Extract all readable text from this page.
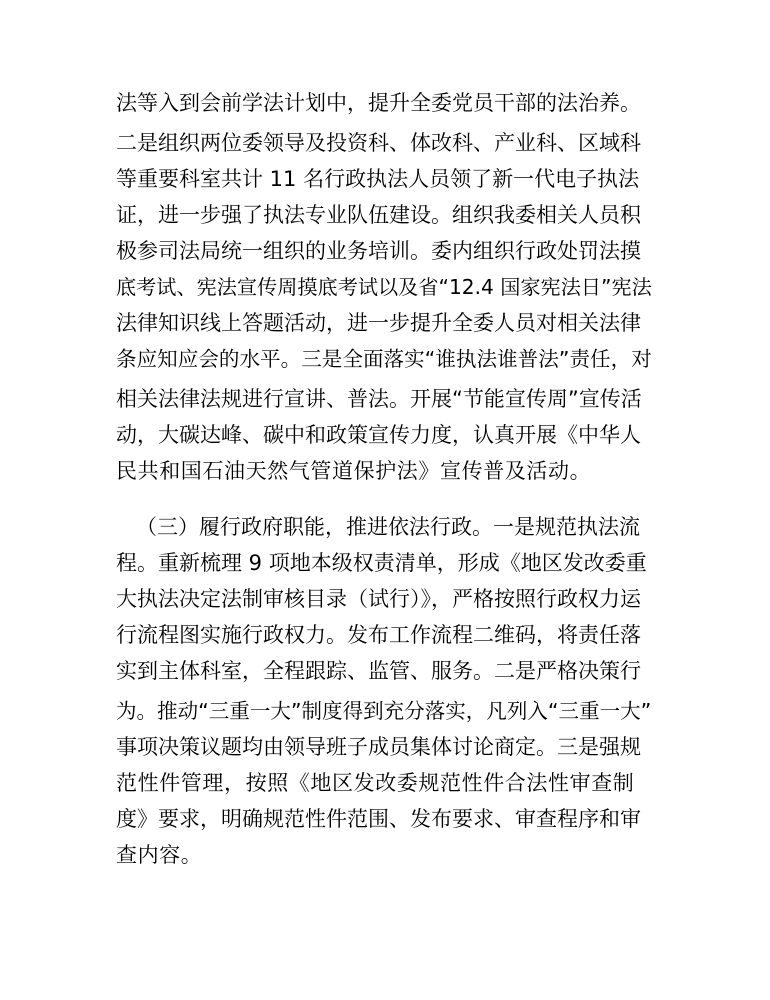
法等入到会前学法计划中，提升全委党员干部的法治养。

二是组织两位委领导及投资科、体改科、产业科、区域科

等重要科室共计 11 名行政执法人员领了新一代电子执法

证，进一步强了执法专业队伍建设。组织我委相关人员积

极参司法局统一组织的业务培训。委内组织行政处罚法摸

底考试、宪法宣传周摸底考试以及省“12.4 国家宪法日”宪法

法律知识线上答题活动，进一步提升全委人员对相关法律

条应知应会的水平。三是全面落实“谁执法谁普法”责任，对

相关法律法规进行宣讲、普法。开展“节能宣传周”宣传活

动，大碳达峰、碳中和政策宣传力度，认真开展《中华人

民共和国石油天然气管道保护法》宣传普及活动。

（三）履行政府职能，推进依法行政。一是规范执法流

程。重新梳理 9 项地本级权责清单，形成《地区发改委重

大执法决定法制审核目录（试行）》，严格按照行政权力运

行流程图实施行政权力。发布工作流程二维码，将责任落

实到主体科室，全程跟踪、监管、服务。二是严格决策行

为。推动“三重一大”制度得到充分落实，凡列入“三重一大”

事项决策议题均由领导班子成员集体讨论商定。三是强规

范性件管理，按照《地区发改委规范性件合法性审查制

度》要求，明确规范性件范围、发布要求、审查程序和审

查内容。
